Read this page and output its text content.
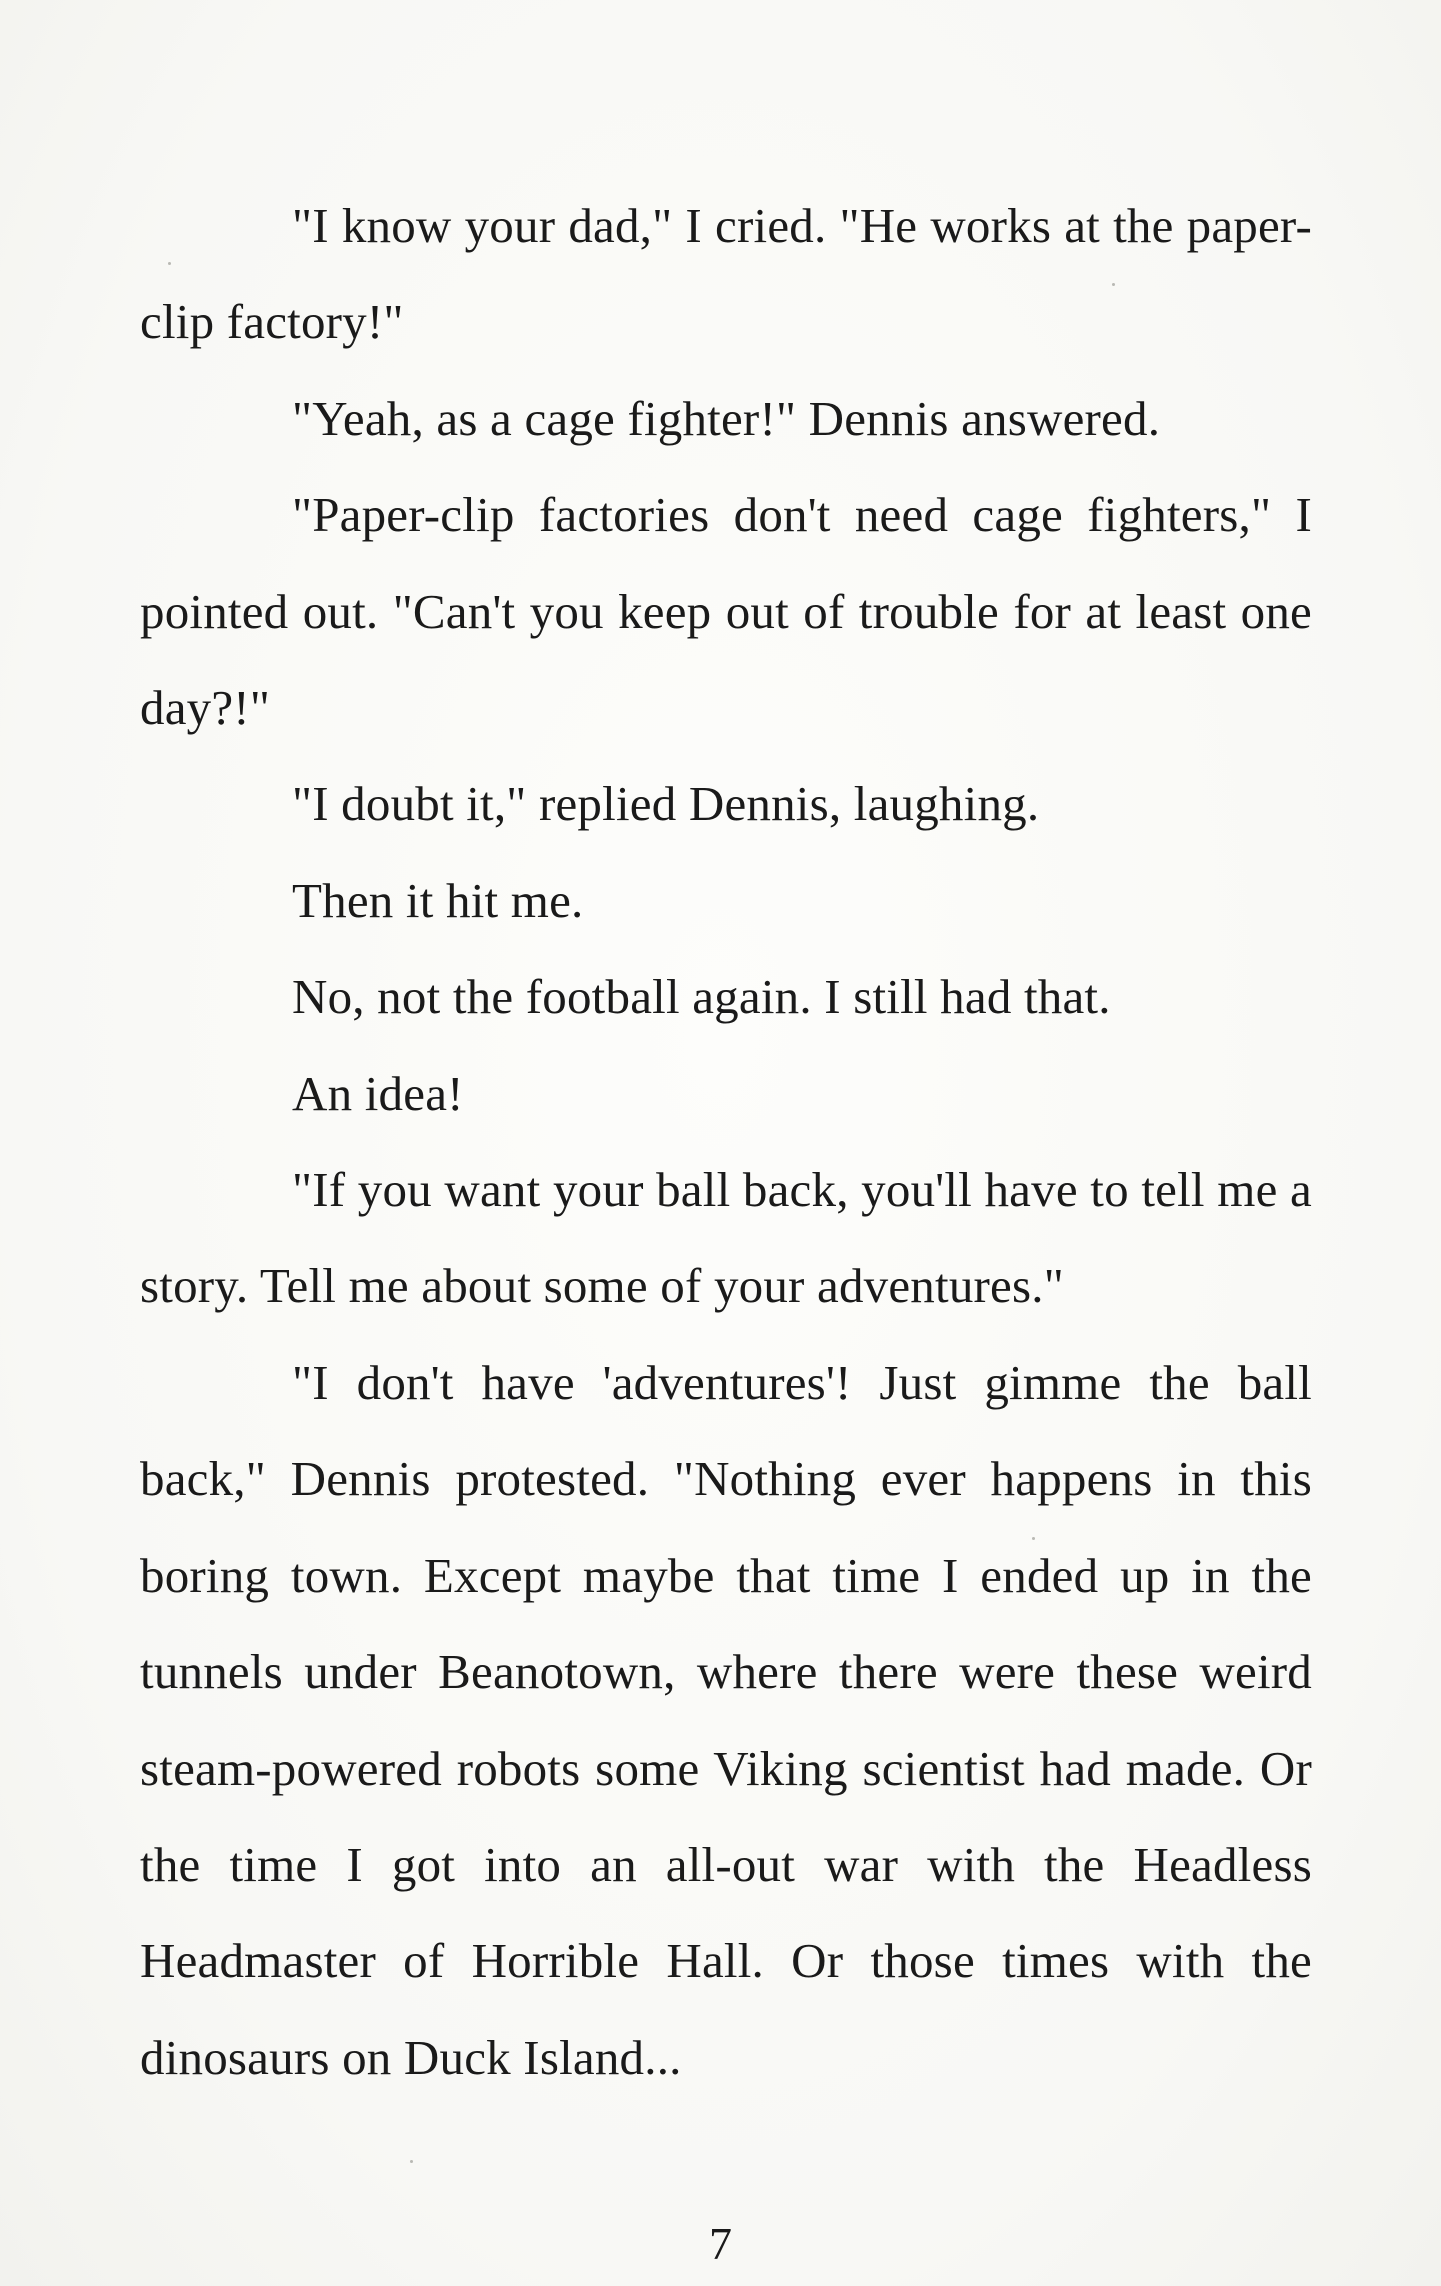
"I know your dad," I cried. "He works at the paper-clip factory!"

"Yeah, as a cage fighter!" Dennis answered.

"Paper-clip factories don't need cage fighters," I pointed out. "Can't you keep out of trouble for at least one day?!"

"I doubt it," replied Dennis, laughing.

Then it hit me.

No, not the football again. I still had that.

An idea!

"If you want your ball back, you'll have to tell me a story. Tell me about some of your adventures."

"I don't have 'adventures'! Just gimme the ball back," Dennis protested. "Nothing ever happens in this boring town. Except maybe that time I ended up in the tunnels under Beanotown, where there were these weird steam-powered robots some Viking scientist had made. Or the time I got into an all-out war with the Headless Headmaster of Horrible Hall. Or those times with the dinosaurs on Duck Island...

7
